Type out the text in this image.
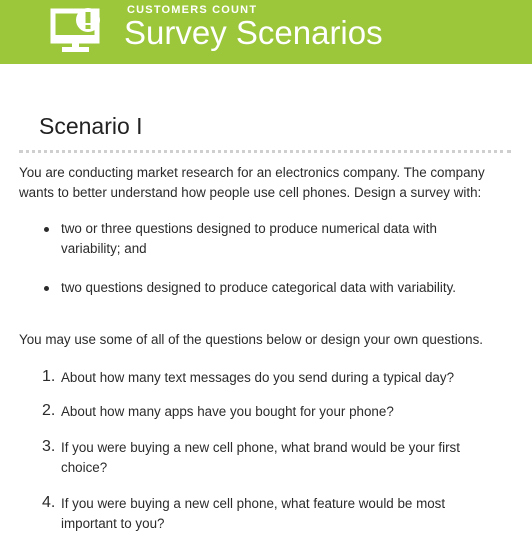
CUSTOMERS COUNT
Survey Scenarios
Scenario I
You are conducting market research for an electronics company. The company wants to better understand how people use cell phones. Design a survey with:
two or three questions designed to produce numerical data with variability; and
two questions designed to produce categorical data with variability.
You may use some of all of the questions below or design your own questions.
1. About how many text messages do you send during a typical day?
2. About how many apps have you bought for your phone?
3. If you were buying a new cell phone, what brand would be your first choice?
4. If you were buying a new cell phone, what feature would be most important to you?
